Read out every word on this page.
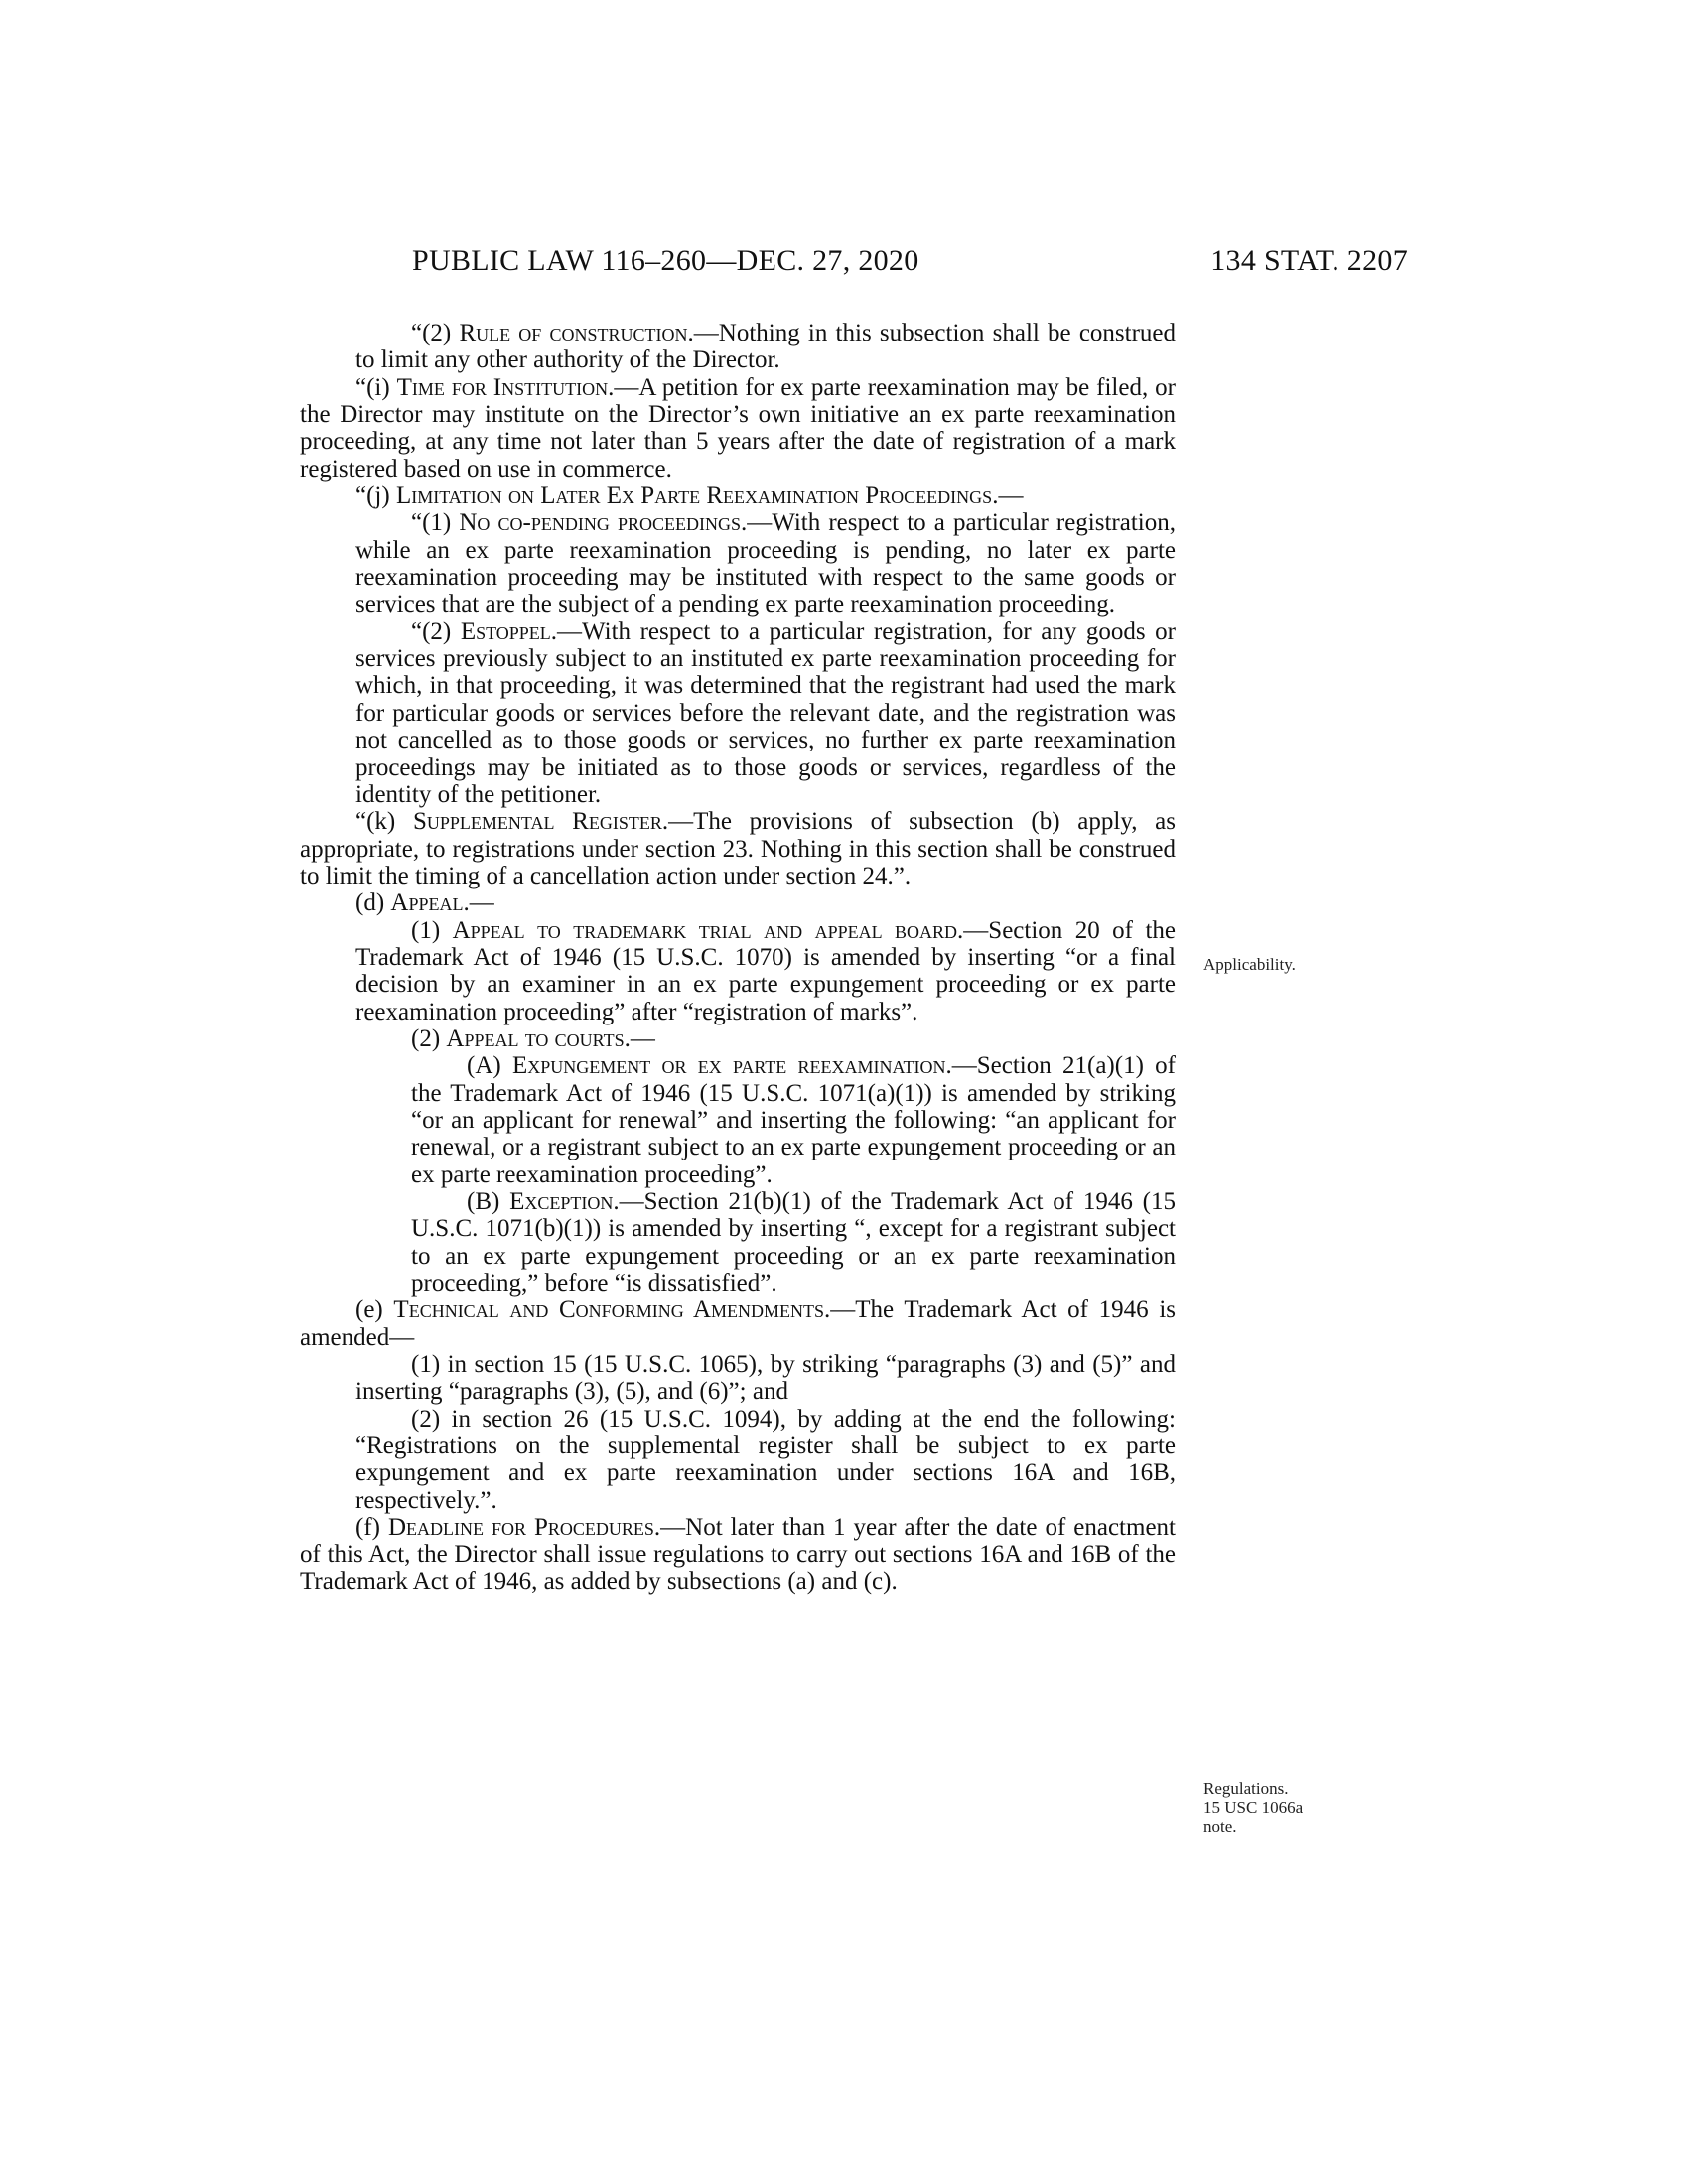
PUBLIC LAW 116–260—DEC. 27, 2020	134 STAT. 2207

“(2) Rule of construction.—Nothing in this subsection shall be construed to limit any other authority of the Director.

“(i) Time for Institution.—A petition for ex parte reexamination may be filed, or the Director may institute on the Director’s own initiative an ex parte reexamination proceeding, at any time not later than 5 years after the date of registration of a mark registered based on use in commerce.

“(j) Limitation on Later Ex Parte Reexamination Proceedings.—

“(1) No co-pending proceedings.—With respect to a particular registration, while an ex parte reexamination proceeding is pending, no later ex parte reexamination proceeding may be instituted with respect to the same goods or services that are the subject of a pending ex parte reexamination proceeding.

“(2) Estoppel.—With respect to a particular registration, for any goods or services previously subject to an instituted ex parte reexamination proceeding for which, in that proceeding, it was determined that the registrant had used the mark for particular goods or services before the relevant date, and the registration was not cancelled as to those goods or services, no further ex parte reexamination proceedings may be initiated as to those goods or services, regardless of the identity of the petitioner.

“(k) Supplemental Register.—The provisions of subsection (b) apply, as appropriate, to registrations under section 23. Nothing in this section shall be construed to limit the timing of a cancellation action under section 24.”.

(d) Appeal.—

(1) Appeal to trademark trial and appeal board.—Section 20 of the Trademark Act of 1946 (15 U.S.C. 1070) is amended by inserting “or a final decision by an examiner in an ex parte expungement proceeding or ex parte reexamination proceeding” after “registration of marks”.

(2) Appeal to courts.—

(A) Expungement or ex parte reexamination.—Section 21(a)(1) of the Trademark Act of 1946 (15 U.S.C. 1071(a)(1)) is amended by striking “or an applicant for renewal” and inserting the following: “an applicant for renewal, or a registrant subject to an ex parte expungement proceeding or an ex parte reexamination proceeding”.

(B) Exception.—Section 21(b)(1) of the Trademark Act of 1946 (15 U.S.C. 1071(b)(1)) is amended by inserting “, except for a registrant subject to an ex parte expungement proceeding or an ex parte reexamination proceeding,” before “is dissatisfied”.

(e) Technical and Conforming Amendments.—The Trademark Act of 1946 is amended—

(1) in section 15 (15 U.S.C. 1065), by striking “paragraphs (3) and (5)” and inserting “paragraphs (3), (5), and (6)”; and

(2) in section 26 (15 U.S.C. 1094), by adding at the end the following: “Registrations on the supplemental register shall be subject to ex parte expungement and ex parte reexamination under sections 16A and 16B, respectively.”.

(f) Deadline for Procedures.—Not later than 1 year after the date of enactment of this Act, the Director shall issue regulations to carry out sections 16A and 16B of the Trademark Act of 1946, as added by subsections (a) and (c).

Applicability.
Regulations.
15 USC 1066a
note.
